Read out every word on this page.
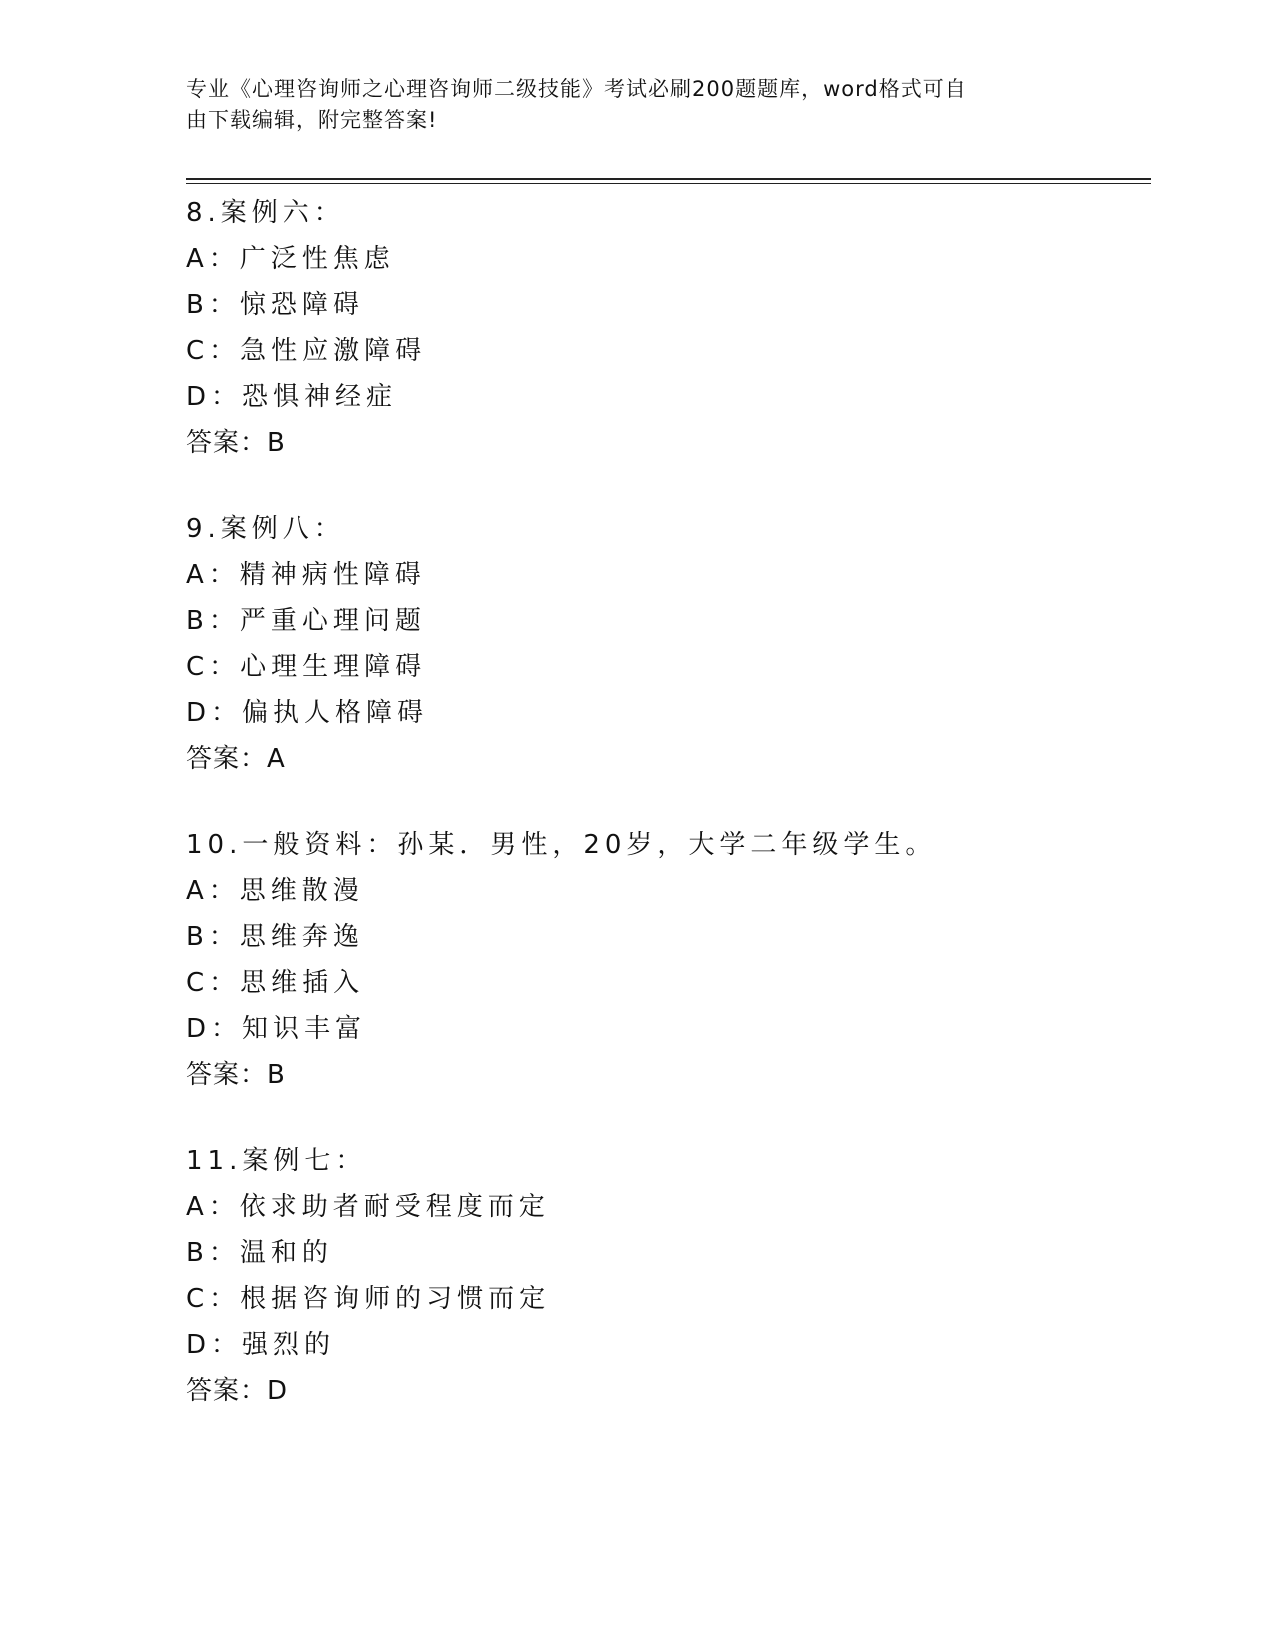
专业《心理咨询师之心理咨询师二级技能》考试必刷200题题库，word格式可自
由下载编辑，附完整答案!
8.案例六：
A：广泛性焦虑
B：惊恐障碍
C：急性应激障碍
D：恐惧神经症
答案：B
9.案例八：
A：精神病性障碍
B：严重心理问题
C：心理生理障碍
D：偏执人格障碍
答案：A
10.一般资料：孙某．男性，20岁，大学二年级学生。
A：思维散漫
B：思维奔逸
C：思维插入
D：知识丰富
答案：B
11.案例七：
A：依求助者耐受程度而定
B：温和的
C：根据咨询师的习惯而定
D：强烈的
答案：D
